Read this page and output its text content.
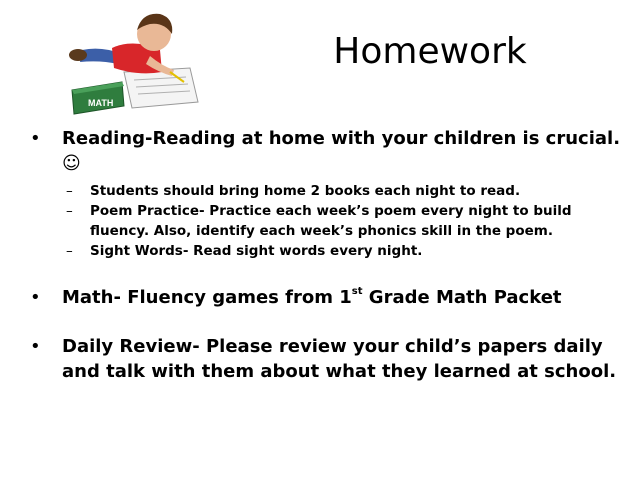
MATH
Homework

• Reading-Reading at home with your children is crucial.☺

– Students should bring home 2 books each night to read.

– Poem Practice- Practice each week’s poem every night to build fluency. Also, identify each week’s phonics skill in the poem.

– Sight Words- Read sight words every night.

• Math- Fluency games from 1st Grade Math Packet

• Daily Review- Please review your child’s papers daily and talk with them about what they learned at school.
